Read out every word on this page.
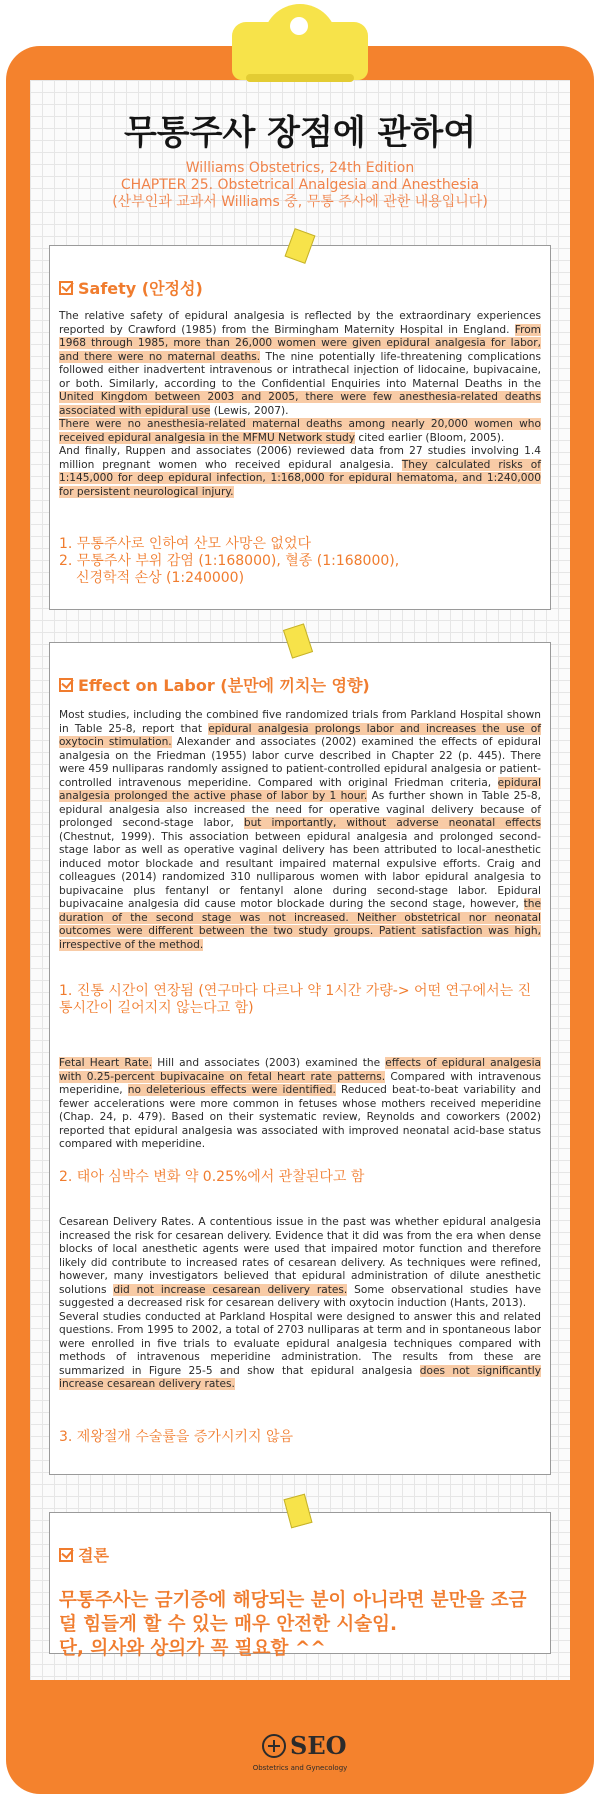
무통주사 장점에 관하여
Williams Obstetrics, 24th Edition
CHAPTER 25. Obstetrical Analgesia and Anesthesia
(산부인과 교과서 Williams 중, 무통 주사에 관한 내용입니다)
Safety (안정성)

The relative safety of epidural analgesia is reflected by the extraordinary experiences reported by Crawford (1985) from the Birmingham Maternity Hospital in England. From 1968 through 1985, more than 26,000 women were given epidural analgesia for labor, and there were no maternal deaths. The nine potentially life-threatening complications followed either inadvertent intravenous or intrathecal injection of lidocaine, bupivacaine, or both. Similarly, according to the Confidential Enquiries into Maternal Deaths in the United Kingdom between 2003 and 2005, there were few anesthesia-related deaths associated with epidural use (Lewis, 2007).

There were no anesthesia-related maternal deaths among nearly 20,000 women who received epidural analgesia in the MFMU Network study cited earlier (Bloom, 2005).

And finally, Ruppen and associates (2006) reviewed data from 27 studies involving 1.4 million pregnant women who received epidural analgesia. They calculated risks of 1:145,000 for deep epidural infection, 1:168,000 for epidural hematoma, and 1:240,000 for persistent neurological injury.

1. 무통주사로 인하여 산모 사망은 없었다
2. 무통주사 부위 감염 (1:168000), 혈종 (1:168000),
신경학적 손상 (1:240000)
Effect on Labor (분만에 끼치는 영향)

Most studies, including the combined five randomized trials from Parkland Hospital shown in Table 25-8, report that epidural analgesia prolongs labor and increases the use of oxytocin stimulation. Alexander and associates (2002) examined the effects of epidural analgesia on the Friedman (1955) labor curve described in Chapter 22 (p. 445). There were 459 nulliparas randomly assigned to patient-controlled epidural analgesia or patient-controlled intravenous meperidine. Compared with original Friedman criteria, epidural analgesia prolonged the active phase of labor by 1 hour. As further shown in Table 25-8, epidural analgesia also increased the need for operative vaginal delivery because of prolonged second-stage labor, but importantly, without adverse neonatal effects (Chestnut, 1999). This association between epidural analgesia and prolonged second-stage labor as well as operative vaginal delivery has been attributed to local-anesthetic induced motor blockade and resultant impaired maternal expulsive efforts. Craig and colleagues (2014) randomized 310 nulliparous women with labor epidural analgesia to bupivacaine plus fentanyl or fentanyl alone during second-stage labor. Epidural bupivacaine analgesia did cause motor blockade during the second stage, however, the duration of the second stage was not increased. Neither obstetrical nor neonatal outcomes were different between the two study groups. Patient satisfaction was high, irrespective of the method.

1. 진통 시간이 연장됨 (연구마다 다르나 약 1시간 가량-> 어떤 연구에서는 진통시간이 길어지지 않는다고 함)

Fetal Heart Rate. Hill and associates (2003) examined the effects of epidural analgesia with 0.25-percent bupivacaine on fetal heart rate patterns. Compared with intravenous meperidine, no deleterious effects were identified. Reduced beat-to-beat variability and fewer accelerations were more common in fetuses whose mothers received meperidine (Chap. 24, p. 479). Based on their systematic review, Reynolds and coworkers (2002) reported that epidural analgesia was associated with improved neonatal acid-base status compared with meperidine.

2. 태아 심박수 변화 약 0.25%에서 관찰된다고 함

Cesarean Delivery Rates. A contentious issue in the past was whether epidural analgesia increased the risk for cesarean delivery. Evidence that it did was from the era when dense blocks of local anesthetic agents were used that impaired motor function and therefore likely did contribute to increased rates of cesarean delivery. As techniques were refined, however, many investigators believed that epidural administration of dilute anesthetic solutions did not increase cesarean delivery rates. Some observational studies have suggested a decreased risk for cesarean delivery with oxytocin induction (Hants, 2013).

Several studies conducted at Parkland Hospital were designed to answer this and related questions. From 1995 to 2002, a total of 2703 nulliparas at term and in spontaneous labor were enrolled in five trials to evaluate epidural analgesia techniques compared with methods of intravenous meperidine administration. The results from these are summarized in Figure 25-5 and show that epidural analgesia does not significantly increase cesarean delivery rates.

3. 제왕절개 수술률을 증가시키지 않음
결론
무통주사는 금기증에 해당되는 분이 아니라면 분만을 조금
덜 힘들게 할 수 있는 매우 안전한 시술임.
단, 의사와 상의가 꼭 필요함 ^^
SEO
Obstetrics and Gynecology
